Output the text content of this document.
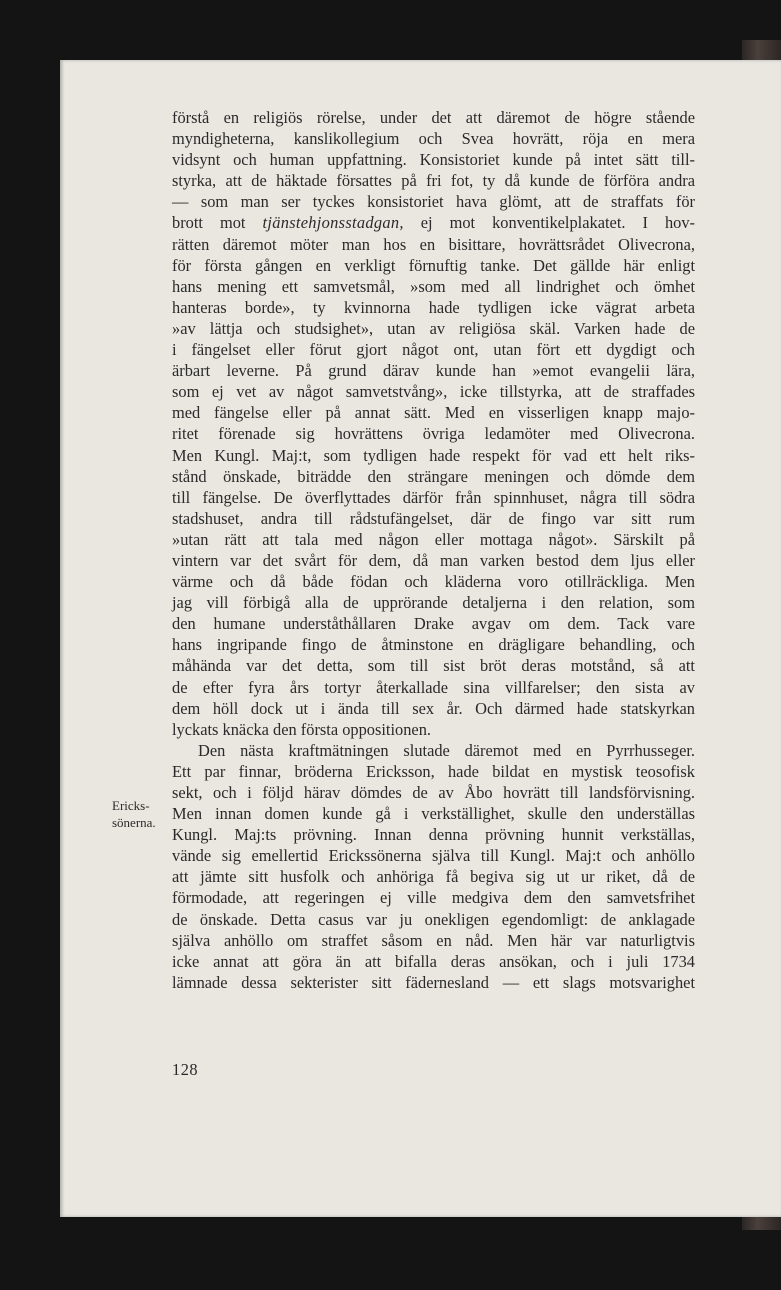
förstå en religiös rörelse, under det att däremot de högre stående
myndigheterna, kanslikollegium och Svea hovrätt, röja en mera
vidsynt och human uppfattning. Konsistoriet kunde på intet sätt till-
styrka, att de häktade försattes på fri fot, ty då kunde de förföra andra
— som man ser tyckes konsistoriet hava glömt, att de straffats för
brott mot tjänstehjonsstadgan, ej mot konventikelplakatet. I hov-
rätten däremot möter man hos en bisittare, hovrättsrådet Olivecrona,
för första gången en verkligt förnuftig tanke. Det gällde här enligt
hans mening ett samvetsmål, »som med all lindrighet och ömhet
hanteras borde», ty kvinnorna hade tydligen icke vägrat arbeta
»av lättja och studsighet», utan av religiösa skäl. Varken hade de
i fängelset eller förut gjort något ont, utan fört ett dygdigt och
ärbart leverne. På grund därav kunde han »emot evangelii lära,
som ej vet av något samvetstvång», icke tillstyrka, att de straffades
med fängelse eller på annat sätt. Med en visserligen knapp majo-
ritet förenade sig hovrättens övriga ledamöter med Olivecrona.
Men Kungl. Maj:t, som tydligen hade respekt för vad ett helt riks-
stånd önskade, biträdde den strängare meningen och dömde dem
till fängelse. De överflyttades därför från spinnhuset, några till södra
stadshuset, andra till rådstufängelset, där de fingo var sitt rum
»utan rätt att tala med någon eller mottaga något». Särskilt på
vintern var det svårt för dem, då man varken bestod dem ljus eller
värme och då både födan och kläderna voro otillräckliga. Men
jag vill förbigå alla de upprörande detaljerna i den relation, som
den humane underståthållaren Drake avgav om dem. Tack vare
hans ingripande fingo de åtminstone en drägligare behandling, och
måhända var det detta, som till sist bröt deras motstånd, så att
de efter fyra års tortyr återkallade sina villfarelser; den sista av
dem höll dock ut i ända till sex år. Och därmed hade statskyrkan
lyckats knäcka den första oppositionen.
Den nästa kraftmätningen slutade däremot med en Pyrrhusseger.
Ett par finnar, bröderna Ericksson, hade bildat en mystisk teosofisk
sekt, och i följd härav dömdes de av Åbo hovrätt till landsförvisning.
Men innan domen kunde gå i verkställighet, skulle den underställas
Kungl. Maj:ts prövning. Innan denna prövning hunnit verkställas,
vände sig emellertid Erickssönerna själva till Kungl. Maj:t och anhöllo
att jämte sitt husfolk och anhöriga få begiva sig ut ur riket, då de
förmodade, att regeringen ej ville medgiva dem den samvetsfrihet
de önskade. Detta casus var ju onekligen egendomligt: de anklagade
själva anhöllo om straffet såsom en nåd. Men här var naturligtvis
icke annat att göra än att bifalla deras ansökan, och i juli 1734
lämnade dessa sekterister sitt fädernesland — ett slags motsvarighet
Ericks-
sönerna.
128
